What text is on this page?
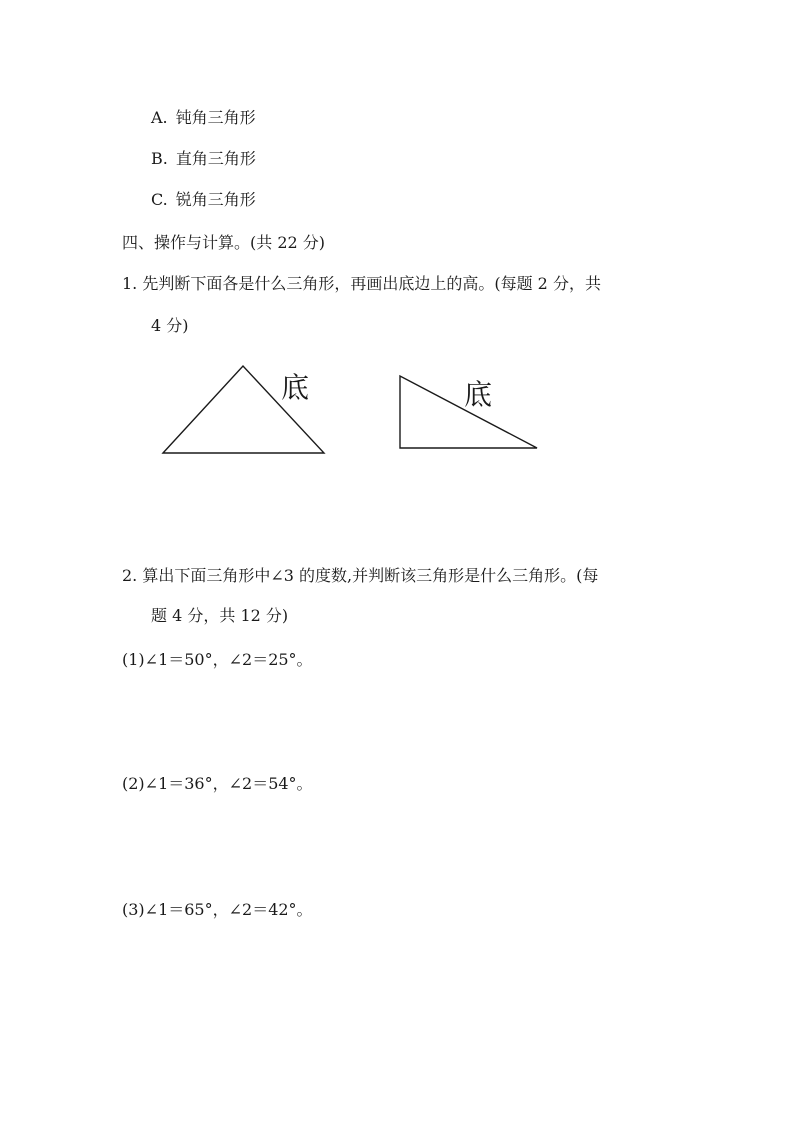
A. 钝角三角形
B. 直角三角形
C. 锐角三角形
四、操作与计算。(共 22 分)
1. 先判断下面各是什么三角形，再画出底边上的高。(每题 2 分，共
4 分)
底	底
2. 算出下面三角形中∠3 的度数,并判断该三角形是什么三角形。(每
题 4 分，共 12 分)
(1)∠1＝50°，∠2＝25°。
(2)∠1＝36°，∠2＝54°。
(3)∠1＝65°，∠2＝42°。
